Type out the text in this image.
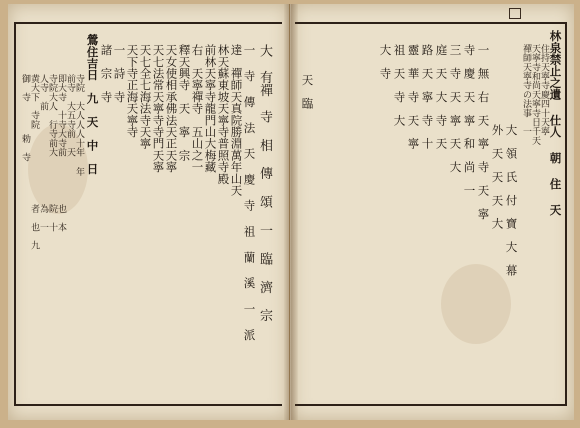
大　有禪　寺 相 傳 頌 一 臨 濟 宗
一 寺 傳 法 天 慶 寺 祖 蘭 溪 一 派
達　禪師天真院勝淵萬年山天
林天蘇東坡天寧寺普照寺殿
前林天寧寺龍門山大梅藏
右　天寧禪寺　五山之一
釋天興寺　天　寧　宗
天女使相承佛法天正天寧
天七法常天寧寺寺門天寧
天七全七海法寺天寧
天下寺正海天寧寺
一　詩　寺
諸　宗　寺
鶯住吉日　九　天　中　日
寺院　大人人人十年 年
前寺　大五寺前　天
即大寺　十寺大寺前
寺院大人　行寺前大
人寺　前
黄大下　寺院
御　寺
勅　寺
者　也　九 為　一 院　十 也　本
林泉禁止之遺 仕人 朝 住 天
住持天寧寺慶四十天寧
天寧寺和尚天寧寺日千天
禪師天寧寺の法事　一
大　領　氏　付　寶　大　幕
外　天　天　天　大
一　無　右　天　寧　寺　天　寧
寺　慶　天　寧　和　尚　一
三　寺　天　寧　天　大
庭　天　大　寺　天
路　天　寧　寺　十
靈　華　寺　天　寧
祖　天　寺　大
大　寺
天　臨
